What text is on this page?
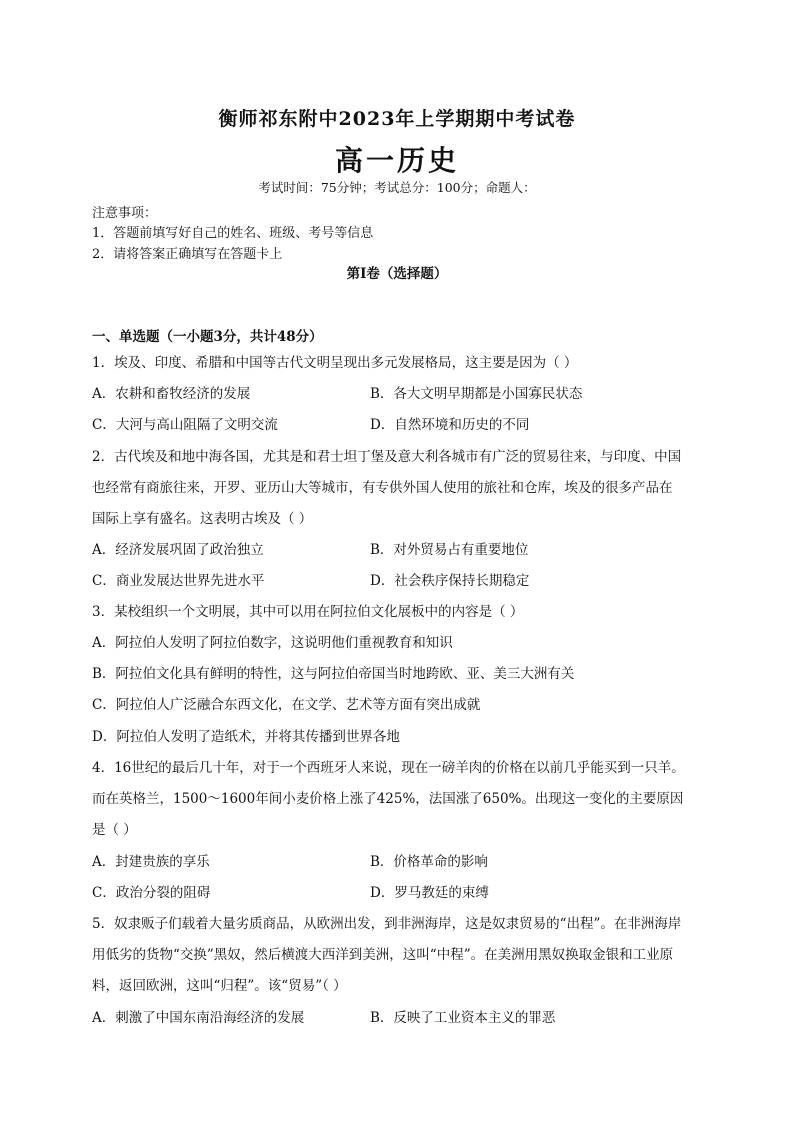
衡师祁东附中2023年上学期期中考试卷
高一历史
考试时间：75分钟；考试总分：100分；命题人：
注意事项：
1．答题前填写好自己的姓名、班级、考号等信息
2．请将答案正确填写在答题卡上
第I卷（选择题）
一、单选题（一小题3分，共计48分）
1．埃及、印度、希腊和中国等古代文明呈现出多元发展格局，这主要是因为（ ）
A．农耕和畜牧经济的发展	B．各大文明早期都是小国寡民状态
C．大河与高山阻隔了文明交流	D．自然环境和历史的不同
2．古代埃及和地中海各国，尤其是和君士坦丁堡及意大利各城市有广泛的贸易往来，与印度、中国
也经常有商旅往来，开罗、亚历山大等城市，有专供外国人使用的旅社和仓库，埃及的很多产品在
国际上享有盛名。这表明古埃及（ ）
A．经济发展巩固了政治独立	B．对外贸易占有重要地位
C．商业发展达世界先进水平	D．社会秩序保持长期稳定
3．某校组织一个文明展，其中可以用在阿拉伯文化展板中的内容是（ ）
A．阿拉伯人发明了阿拉伯数字，这说明他们重视教育和知识
B．阿拉伯文化具有鲜明的特性，这与阿拉伯帝国当时地跨欧、亚、美三大洲有关
C．阿拉伯人广泛融合东西文化，在文学、艺术等方面有突出成就
D．阿拉伯人发明了造纸术，并将其传播到世界各地
4．16世纪的最后几十年，对于一个西班牙人来说，现在一磅羊肉的价格在以前几乎能买到一只羊。
而在英格兰，1500～1600年间小麦价格上涨了425%，法国涨了650%。出现这一变化的主要原因
是（ ）
A．封建贵族的享乐	B．价格革命的影响
C．政治分裂的阻碍	D．罗马教廷的束缚
5．奴隶贩子们载着大量劣质商品，从欧洲出发，到非洲海岸，这是奴隶贸易的“出程”。在非洲海岸
用低劣的货物“交换”黑奴，然后横渡大西洋到美洲，这叫“中程”。在美洲用黑奴换取金银和工业原
料，返回欧洲，这叫“归程”。该“贸易”（ ）
A．刺激了中国东南沿海经济的发展	B．反映了工业资本主义的罪恶
